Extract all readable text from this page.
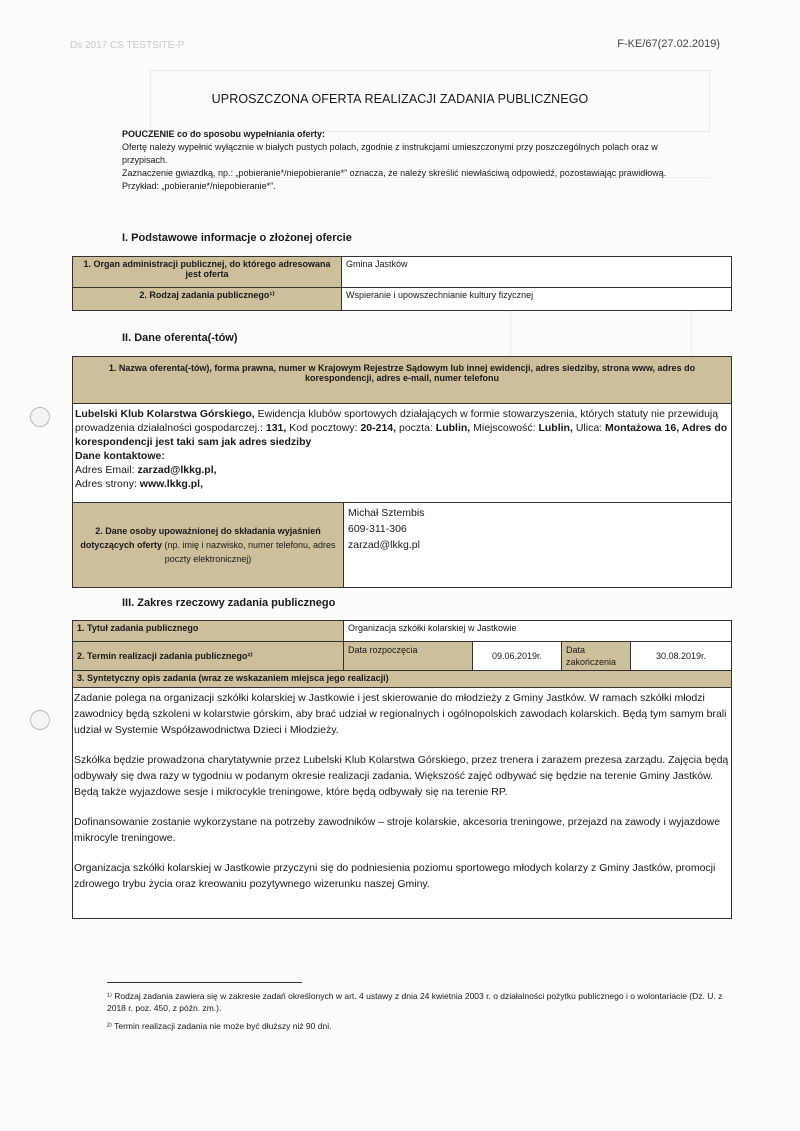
F-KE/67(27.02.2019)
Ds 2017 CS TESTSITE-P
UPROSZCZONA OFERTA REALIZACJI ZADANIA PUBLICZNEGO
POUCZENIE co do sposobu wypełniania oferty:
Ofertę należy wypełnić wyłącznie w białych pustych polach, zgodnie z instrukcjami umieszczonymi przy poszczególnych polach oraz w przypisach.
Zaznaczenie gwiazdką, np.: „pobieranie*/niepobieranie*” oznacza, że należy skreślić niewłaściwą odpowiedź, pozostawiając prawidłową. Przykład: „pobieranie*/niepobieranie*”.
I. Podstawowe informacje o złożonej ofercie
1. Organ administracji publicznej, do którego adresowana jest oferta	Gmina Jastków
2. Rodzaj zadania publicznego¹⁾	Wspieranie i upowszechnianie kultury fizycznej
II. Dane oferenta(-tów)
1. Nazwa oferenta(-tów), forma prawna, numer w Krajowym Rejestrze Sądowym lub innej ewidencji, adres siedziby, strona www, adres do korespondencji, adres e-mail, numer telefonu
Lubelski Klub Kolarstwa Górskiego, Ewidencja klubów sportowych działających w formie stowarzyszenia, których statuty nie przewidują prowadzenia działalności gospodarczej.: 131, Kod pocztowy: 20-214, poczta: Lublin, Miejscowość: Lublin, Ulica: Montażowa 16, Adres do korespondencji jest taki sam jak adres siedziby
Dane kontaktowe:
Adres Email: zarzad@lkkg.pl,
Adres strony: www.lkkg.pl,
2. Dane osoby upoważnionej do składania wyjaśnień dotyczących oferty (np. imię i nazwisko, numer telefonu, adres poczty elektronicznej)	
Michał Sztembis
609-311-306
zarzad@lkkg.pl
III. Zakres rzeczowy zadania publicznego
1. Tytuł zadania publicznego	Organizacja szkółki kolarskiej w Jastkowie			
2. Termin realizacji zadania publicznego²⁾	Data rozpoczęcia	09.06.2019r.	Data zakończenia	30.08.2019r.
3. Syntetyczny opis zadania (wraz ze wskazaniem miejsca jego realizacji)				

Zadanie polega na organizacji szkółki kolarskiej w Jastkowie i jest skierowanie do młodzieży z Gminy Jastków. W ramach szkółki młodzi zawodnicy będą szkoleni w kolarstwie górskim, aby brać udział w regionalnych i ogólnopolskich zawodach kolarskich. Będą tym samym brali udział w Systemie Współzawodnictwa Dzieci i Młodzieży.

Szkółka będzie prowadzona charytatywnie przez Lubelski Klub Kolarstwa Górskiego, przez trenera i zarazem prezesa zarządu. Zajęcia będą odbywały się dwa razy w tygodniu w podanym okresie realizacji zadania. Większość zajęć odbywać się będzie na terenie Gminy Jastków. Będą także wyjazdowe sesje i mikrocykle treningowe, które będą odbywały się na terenie RP.

Dofinansowanie zostanie wykorzystane na potrzeby zawodników – stroje kolarskie, akcesoria treningowe, przejazd na zawody i wyjazdowe mikrocyle treningowe.

Organizacja szkółki kolarskiej w Jastkowie przyczyni się do podniesienia poziomu sportowego młodych kolarzy z Gminy Jastków, promocji zdrowego trybu życia oraz kreowaniu pozytywnego wizerunku naszej Gminy.				

¹⁾ Rodzaj zadania zawiera się w zakresie zadań określonych w art. 4 ustawy z dnia 24 kwietnia 2003 r. o działalności pożytku publicznego i o wolontariacie (Dz. U. z 2018 r. poz. 450, z późn. zm.).
²⁾ Termin realizacji zadania nie może być dłuższy niż 90 dni.
